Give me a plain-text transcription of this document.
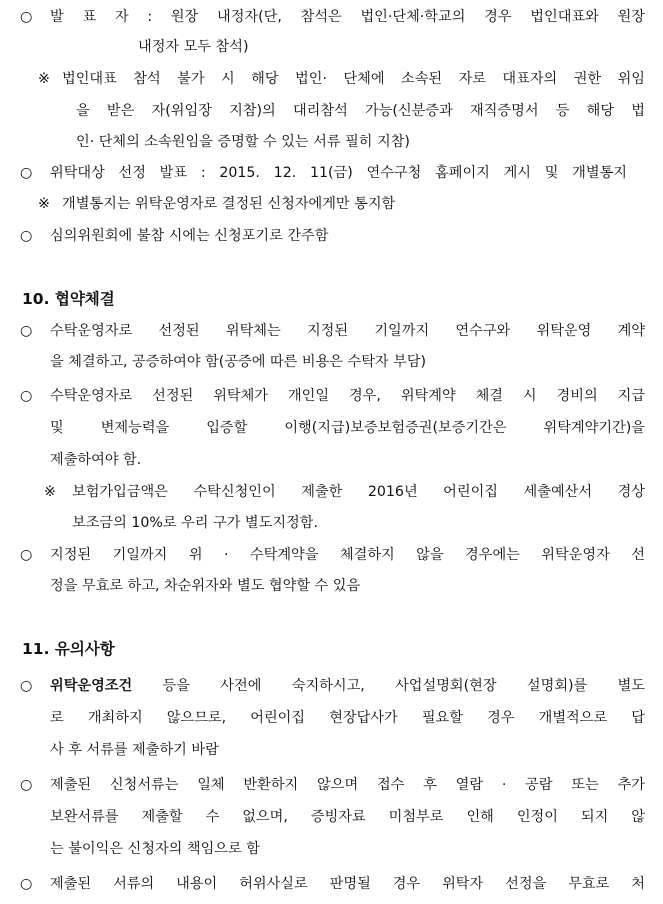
○ 발 표 자 : 원장 내정자(단, 참석은 법인·단체·학교의 경우 법인대표와 원장
내정자 모두 참석)
※ 법인대표 참석 불가 시 해당 법인· 단체에 소속된 자로 대표자의 권한 위임
을 받은 자(위임장 지참)의 대리참석 가능(신분증과 재직증명서 등 해당 법
인· 단체의 소속원임을 증명할 수 있는 서류 필히 지참)
○ 위탁대상 선정 발표 : 2015. 12. 11(금) 연수구청 홈페이지 게시 및 개별통지
※ 개별통지는 위탁운영자로 결정된 신청자에게만 통지함
○ 심의위원회에 불참 시에는 신청포기로 간주함
10. 협약체결
○ 수탁운영자로 선정된 위탁체는 지정된 기일까지 연수구와 위탁운영 계약
을 체결하고, 공증하여야 함(공증에 따른 비용은 수탁자 부담)
○ 수탁운영자로 선정된 위탁체가 개인일 경우, 위탁계약 체결 시 경비의 지급
및 변제능력을 입증할 이행(지급)보증보험증권(보증기간은 위탁계약기간)을
제출하여야 함.
※ 보험가입금액은 수탁신청인이 제출한 2016년 어린이집 세출예산서 경상
보조금의 10%로 우리 구가 별도지정함.
○ 지정된 기일까지 위 · 수탁계약을 체결하지 않을 경우에는 위탁운영자 선
정을 무효로 하고, 차순위자와 별도 협약할 수 있음
11. 유의사항
○ 위탁운영조건 등을 사전에 숙지하시고, 사업설명회(현장 설명회)를 별도
로 개최하지 않으므로, 어린이집 현장답사가 필요할 경우 개별적으로 답
사 후 서류를 제출하기 바람
○ 제출된 신청서류는 일체 반환하지 않으며 접수 후 열람 · 공람 또는 추가
보완서류를 제출할 수 없으며, 증빙자료 미첨부로 인해 인정이 되지 않
는 불이익은 신청자의 책임으로 함
○ 제출된 서류의 내용이 허위사실로 판명될 경우 위탁자 선정을 무효로 처
